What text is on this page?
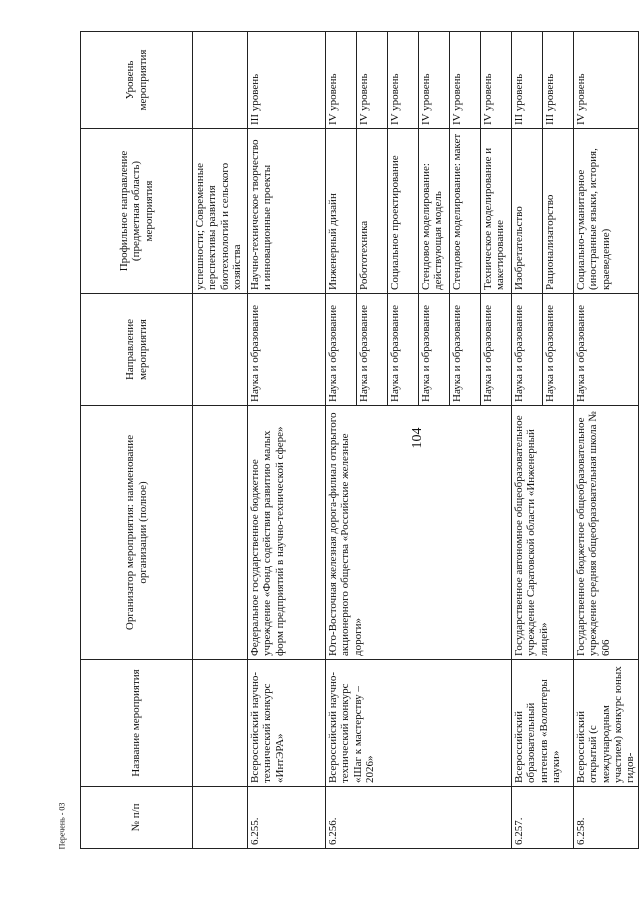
104
Перечень - 03	№ п/п	Название мероприятия	Организатор мероприятия: наименование организации (полное)	Направление мероприятия	Профильное направление (предметная область) мероприятия	Уровень мероприятия
				успешности; Современные перспективы развития биотехнологий и сельского хозяйства	
6.255.	Всероссийский научно-технический конкурс «ИнтЭРА»	Федеральное государственное бюджетное учреждение «Фонд содействия развитию малых форм предприятий в научно-технической сфере»	Наука и образование	Научно-техническое творчество и инновационные проекты	III уровень
6.256.	Всероссийский научно-технический конкурс «Шаг к мастерству – 2026»	Юго-Восточная железная дорога-филиал открытого акционерного общества «Российские железные дороги»	Наука и образование	Инженерный дизайн	IV уровень
			Наука и образование	Робототехника	IV уровень
			Наука и образование	Социальное проектирование	IV уровень
			Наука и образование	Стендовое моделирование: действующая модель	IV уровень
			Наука и образование	Стендовое моделирование: макет	IV уровень
			Наука и образование	Техническое моделирование и макетирование	IV уровень
6.257.	Всероссийский образовательный интенсив «Волонтеры науки»	Государственное автономное общеобразовательное учреждение Саратовской области «Инженерный лицей»	Наука и образование	Изобретательство	III уровень
			Наука и образование	Рационализаторство	III уровень
6.258.	Всероссийский открытый (с международным участием) конкурс юных гидов-	Государственное бюджетное общеобразовательное учреждение средняя общеобразовательная школа № 606	Наука и образование	Социально-гуманитарное (иностранные языки, история, краеведение)	IV уровень
